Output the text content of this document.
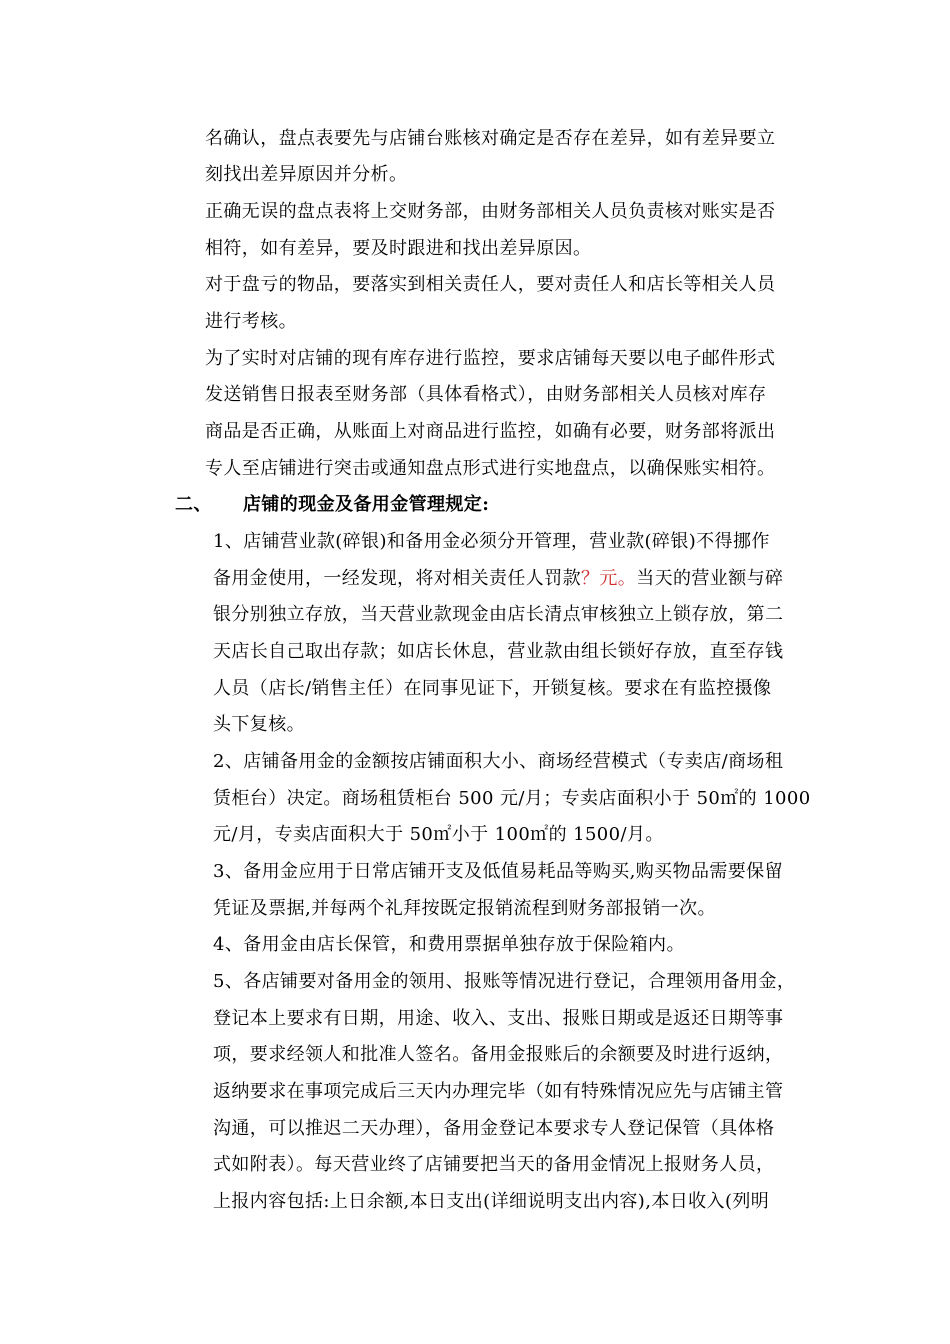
名确认，盘点表要先与店铺台账核对确定是否存在差异，如有差异要立
刻找出差异原因并分析。
正确无误的盘点表将上交财务部，由财务部相关人员负责核对账实是否
相符，如有差异，要及时跟进和找出差异原因。
对于盘亏的物品，要落实到相关责任人，要对责任人和店长等相关人员
进行考核。
为了实时对店铺的现有库存进行监控，要求店铺每天要以电子邮件形式
发送销售日报表至财务部（具体看格式），由财务部相关人员核对库存
商品是否正确，从账面上对商品进行监控，如确有必要，财务部将派出
专人至店铺进行突击或通知盘点形式进行实地盘点，以确保账实相符。
二、 店铺的现金及备用金管理规定:
1、店铺营业款(碎银)和备用金必须分开管理，营业款(碎银)不得挪作
备用金使用，一经发现，将对相关责任人罚款？元。当天的营业额与碎
银分别独立存放，当天营业款现金由店长清点审核独立上锁存放，第二
天店长自己取出存款；如店长休息，营业款由组长锁好存放，直至存钱
人员（店长/销售主任）在同事见证下，开锁复核。要求在有监控摄像
头下复核。
2、店铺备用金的金额按店铺面积大小、商场经营模式（专卖店/商场租
赁柜台）决定。商场租赁柜台 500 元/月；专卖店面积小于 50㎡的 1000
元/月，专卖店面积大于 50㎡小于 100㎡的 1500/月。
3、备用金应用于日常店铺开支及低值易耗品等购买,购买物品需要保留
凭证及票据,并每两个礼拜按既定报销流程到财务部报销一次。
4、备用金由店长保管，和费用票据单独存放于保险箱内。
5、各店铺要对备用金的领用、报账等情况进行登记，合理领用备用金，
登记本上要求有日期，用途、收入、支出、报账日期或是返还日期等事
项，要求经领人和批准人签名。备用金报账后的余额要及时进行返纳，
返纳要求在事项完成后三天内办理完毕（如有特殊情况应先与店铺主管
沟通，可以推迟二天办理），备用金登记本要求专人登记保管（具体格
式如附表）。每天营业终了店铺要把当天的备用金情况上报财务人员，
上报内容包括:上日余额,本日支出(详细说明支出内容),本日收入(列明
